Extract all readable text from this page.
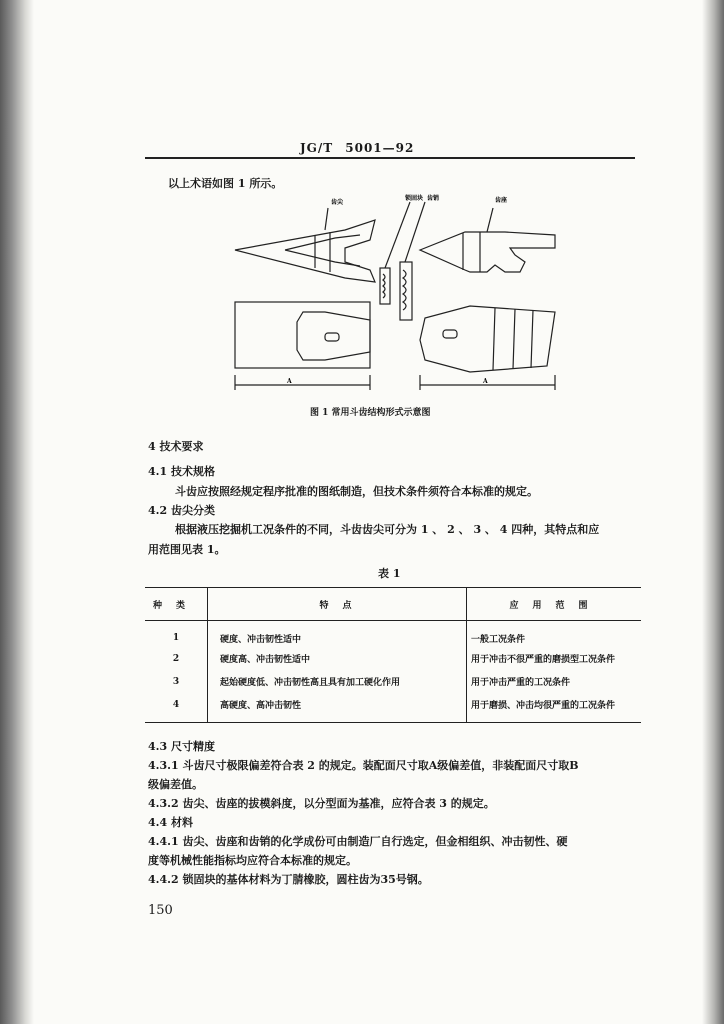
JG/T 5001—92
以上术语如图 1 所示。
齿尖
锁固块 齿销	齿座
A	A
图 1 常用斗齿结构形式示意图
4 技术要求
4.1 技术规格
斗齿应按照经规定程序批准的图纸制造，但技术条件须符合本标准的规定。
4.2 齿尖分类
根据液压挖掘机工况条件的不同，斗齿齿尖可分为 1 、 2 、 3 、 4 四种，其特点和应
用范围见表 1。
表 1
种类	特点	应用范围
1	硬度、冲击韧性适中	一般工况条件
2	硬度高、冲击韧性适中	用于冲击不很严重的磨损型工况条件
3	起始硬度低、冲击韧性高且具有加工硬化作用	用于冲击严重的工况条件
4	高硬度、高冲击韧性	用于磨损、冲击均很严重的工况条件
4.3 尺寸精度
4.3.1 斗齿尺寸极限偏差符合表 2 的规定。装配面尺寸取A级偏差值，非装配面尺寸取B
级偏差值。
4.3.2 齿尖、齿座的拔模斜度，以分型面为基准，应符合表 3 的规定。
4.4 材料
4.4.1 齿尖、齿座和齿销的化学成份可由制造厂自行选定，但金相组织、冲击韧性、硬
度等机械性能指标均应符合本标准的规定。
4.4.2 锁固块的基体材料为丁腈橡胶，圆柱齿为35号钢。
150
